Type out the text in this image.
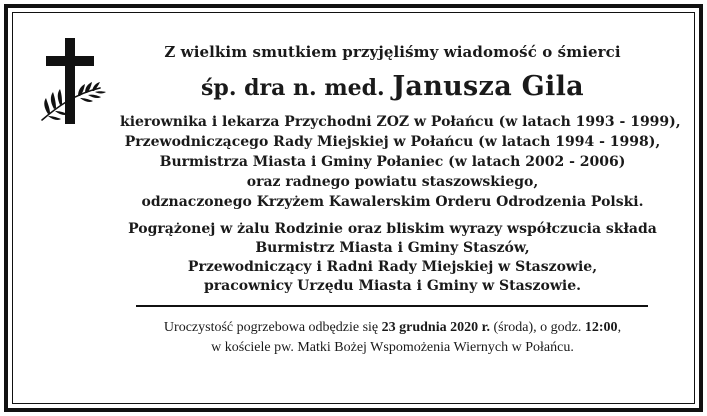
Z wielkim smutkiem przyjęliśmy wiadomość o śmierci

śp. dra n. med. Janusza Gila

kierownika i lekarza Przychodni ZOZ w Połańcu (w latach 1993 - 1999),
Przewodniczącego Rady Miejskiej w Połańcu (w latach 1994 - 1998),
Burmistrza Miasta i Gminy Połaniec (w latach 2002 - 2006)
oraz radnego powiatu staszowskiego,
odznaczonego Krzyżem Kawalerskim Orderu Odrodzenia Polski.
Pogrążonej w żalu Rodzinie oraz bliskim wyrazy współczucia składa
Burmistrz Miasta i Gminy Staszów,
Przewodniczący i Radni Rady Miejskiej w Staszowie,
pracownicy Urzędu Miasta i Gminy w Staszowie.
Uroczystość pogrzebowa odbędzie się 23 grudnia 2020 r. (środa), o godz. 12:00,
w kościele pw. Matki Bożej Wspomożenia Wiernych w Połańcu.
